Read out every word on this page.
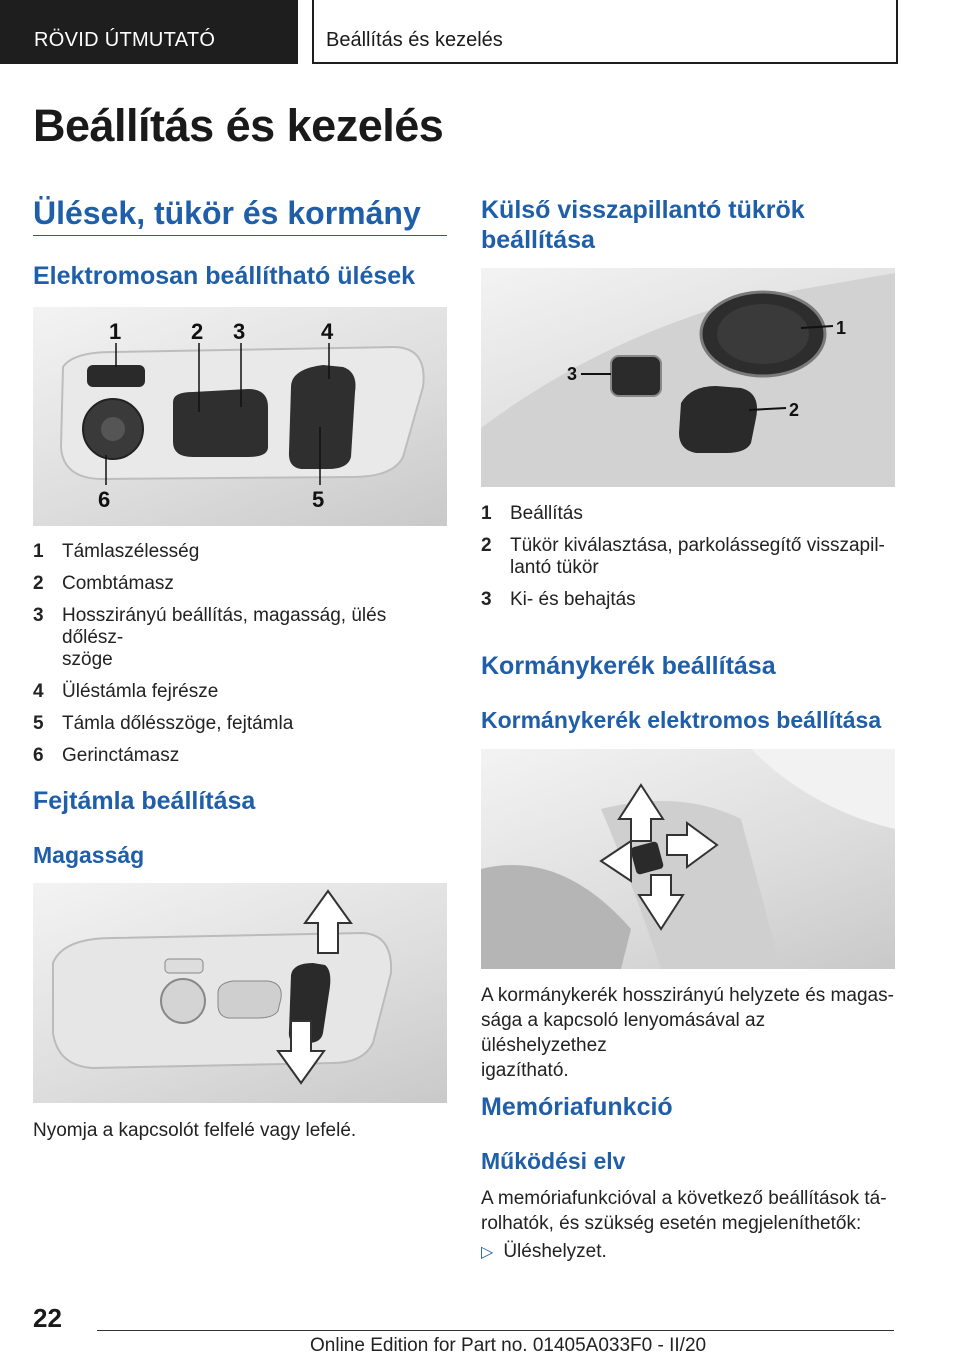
RÖVID ÚTMUTATÓ	Beállítás és kezelés
Beállítás és kezelés
Ülések, tükör és kormány
Elektromosan beállítható ülések
1	2 3	4
6	5
1 Támlaszélesség
2 Combtámasz
3 Hosszirányú beállítás, magasság, ülés dőlész-
szöge
4 Üléstámla fejrésze
5 Támla dőlésszöge, fejtámla
6 Gerinctámasz
Fejtámla beállítása
Magasság

Nyomja a kapcsolót felfelé vagy lefelé.

Külső visszapillantó tükrök
beállítása
1
2
3
1 Beállítás
2 Tükör kiválasztása, parkolássegítő visszapil-
lantó tükör
3 Ki- és behajtás
Kormánykerék beállítása
Kormánykerék elektromos beállítása

A kormánykerék hosszirányú helyzete és magas-
sága a kapcsoló lenyomásával az üléshelyzethez
igazítható.

Memóriafunkció
Működési elv

A memóriafunkcióval a következő beállítások tá-
rolhatók, és szükség esetén megjeleníthetők:

▷ Üléshelyzet.
22
Online Edition for Part no. 01405A033F0 - II/20
